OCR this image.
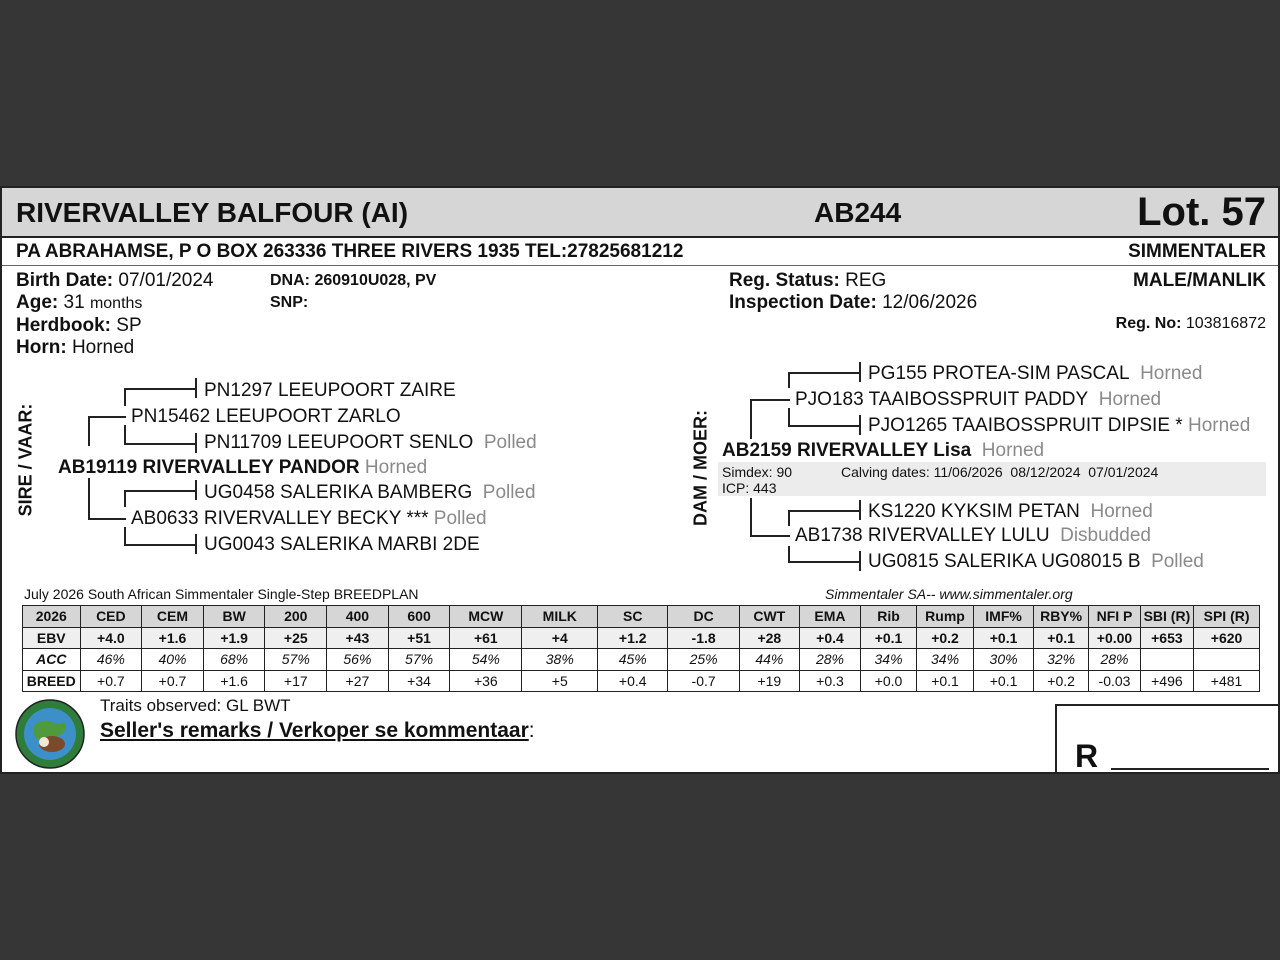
RIVERVALLEY BALFOUR (AI)	AB244	Lot. 57
PA ABRAHAMSE, P O BOX 263336 THREE RIVERS 1935 TEL:27825681212	SIMMENTALER
Birth Date: 07/01/2024
Age: 31 months
Herdbook: SP
Horn: Horned
DNA: 260910U028, PV
SNP:
Reg. Status: REG
Inspection Date: 12/06/2026
MALE/MANLIK
Reg. No: 103816872
SIRE / VAAR:
PN1297 LEEUPOORT ZAIRE
PN15462 LEEUPOORT ZARLO
PN11709 LEEUPOORT SENLO Polled
AB19119 RIVERVALLEY PANDOR Horned
UG0458 SALERIKA BAMBERG Polled
AB0633 RIVERVALLEY BECKY *** Polled
UG0043 SALERIKA MARBI 2DE
DAM / MOER:
PG155 PROTEA-SIM PASCAL Horned
PJO183 TAAIBOSSPRUIT PADDY Horned
PJO1265 TAAIBOSSPRUIT DIPSIE * Horned
AB2159 RIVERVALLEY Lisa Horned
Simdex: 90	Calving dates: 11/06/2026  08/12/2024  07/01/2024
ICP: 443
KS1220 KYKSIM PETAN Horned
AB1738 RIVERVALLEY LULU Disbudded
UG0815 SALERIKA UG08015 B Polled
July 2026 South African Simmentaler Single-Step BREEDPLAN	Simmentaler SA-- www.simmentaler.org
2026	CED	CEM	BW	200	400	600	MCW	MILK	SC	DC	CWT	EMA	Rib	Rump	IMF%	RBY%	NFI P	SBI (R)	SPI (R)
EBV	+4.0	+1.6	+1.9	+25	+43	+51	+61	+4	+1.2	-1.8	+28	+0.4	+0.1	+0.2	+0.1	+0.1	+0.00	+653	+620
ACC	46%	40%	68%	57%	56%	57%	54%	38%	45%	25%	44%	28%	34%	34%	30%	32%	28%		
BREED	+0.7	+0.7	+1.6	+17	+27	+34	+36	+5	+0.4	-0.7	+19	+0.3	+0.0	+0.1	+0.1	+0.2	-0.03	+496	+481
Traits observed: GL BWT
Seller's remarks / Verkoper se kommentaar:
R
